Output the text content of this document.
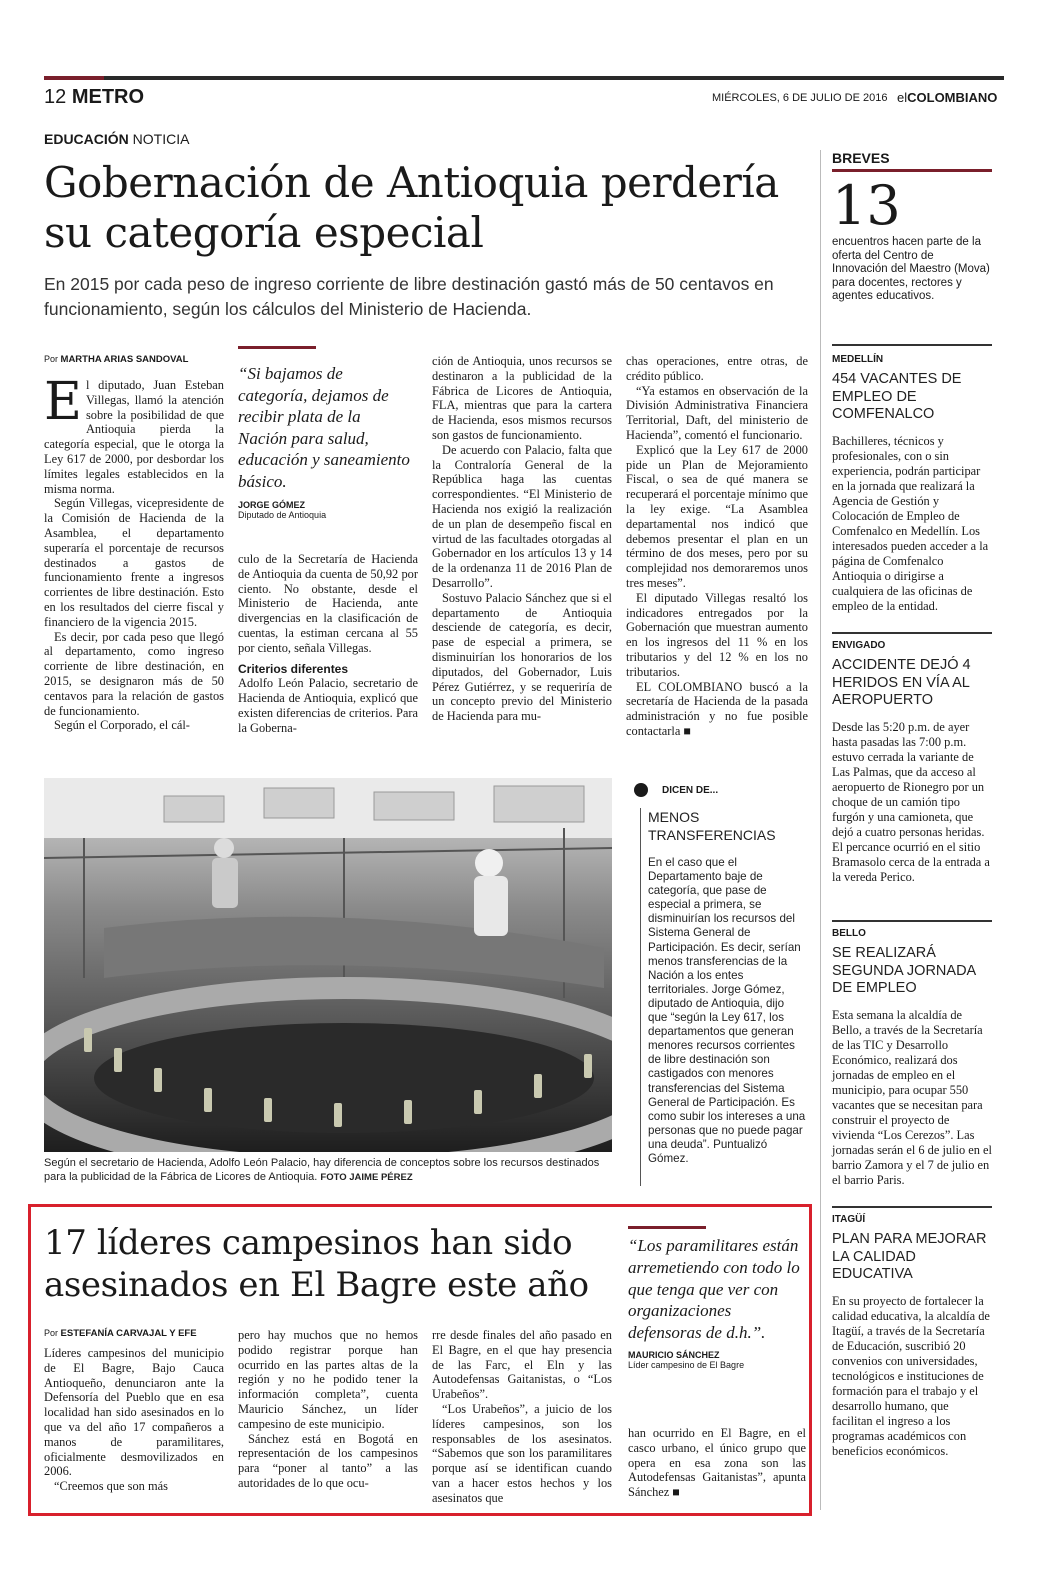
12 METRO	MIÉRCOLES, 6 DE JULIO DE 2016 elCOLOMBIANO
EDUCACIÓN NOTICIA
Gobernación de Antioquia perdería su categoría especial
En 2015 por cada peso de ingreso corriente de libre destinación gastó más de 50 centavos en funcionamiento, según los cálculos del Ministerio de Hacienda.
Por MARTHA ARIAS SANDOVAL

El diputado, Juan Esteban Villegas, llamó la atención sobre la posibilidad de que Antioquia pierda la categoría especial, que le otorga la Ley 617 de 2000, por desbordar los límites legales establecidos en la misma norma.

Según Villegas, vicepresidente de la Comisión de Hacienda de la Asamblea, el departamento superaría el porcentaje de recursos destinados a gastos de funcionamiento frente a ingresos corrientes de libre destinación. Esto en los resultados del cierre fiscal y financiero de la vigencia 2015.

Es decir, por cada peso que llegó al departamento, como ingreso corriente de libre destinación, en 2015, se designaron más de 50 centavos para la relación de gastos de funcionamiento.

Según el Corporado, el cál-

“Si bajamos de categoría, dejamos de recibir plata de la Nación para salud, educación y saneamiento básico.
JORGE GÓMEZ
Diputado de Antioquia

culo de la Secretaría de Hacienda de Antioquia da cuenta de 50,92 por ciento. No obstante, desde el Ministerio de Hacienda, ante divergencias en la clasificación de cuentas, la estiman cercana al 55 por ciento, señala Villegas.

Criterios diferentes

Adolfo León Palacio, secretario de Hacienda de Antioquia, explicó que existen diferencias de criterios. Para la Goberna-

ción de Antioquia, unos recursos se destinaron a la publicidad de la Fábrica de Licores de Antioquia, FLA, mientras que para la cartera de Hacienda, esos mismos recursos son gastos de funcionamiento.

De acuerdo con Palacio, falta que la Contraloría General de la República haga las cuentas correspondientes. “El Ministerio de Hacienda nos exigió la realización de un plan de desempeño fiscal en virtud de las facultades otorgadas al Gobernador en los artículos 13 y 14 de la ordenanza 11 de 2016 Plan de Desarrollo”.

Sostuvo Palacio Sánchez que si el departamento de Antioquia desciende de categoría, es decir, pase de especial a primera, se disminuirían los honorarios de los diputados, del Gobernador, Luis Pérez Gutiérrez, y se requeriría de un concepto previo del Ministerio de Hacienda para mu-

chas operaciones, entre otras, de crédito público.

“Ya estamos en observación de la División Administrativa Financiera Territorial, Daft, del ministerio de Hacienda”, comentó el funcionario.

Explicó que la Ley 617 de 2000 pide un Plan de Mejoramiento Fiscal, o sea de qué manera se recuperará el porcentaje mínimo que la ley exige. “La Asamblea departamental nos indicó que debemos presentar el plan en un término de dos meses, pero por su complejidad nos demoraremos unos tres meses”.

El diputado Villegas resaltó los indicadores entregados por la Gobernación que muestran aumento en los ingresos del 11 % en los tributarios y del 12 % en los no tributarios.

EL COLOMBIANO buscó a la secretaría de Hacienda de la pasada administración y no fue posible contactarla ■

Según el secretario de Hacienda, Adolfo León Palacio, hay diferencia de conceptos sobre los recursos destinados para la publicidad de la Fábrica de Licores de Antioquia. FOTO JAIME PÉREZ
DICEN DE...
MENOS TRANSFERENCIAS
En el caso que el Departamento baje de categoría, que pase de especial a primera, se disminuirían los recursos del Sistema General de Participación. Es decir, serían menos transferencias de la Nación a los entes territoriales. Jorge Gómez, diputado de Antioquia, dijo que “según la Ley 617, los departamentos que generan menores recursos corrientes de libre destinación son castigados con menores transferencias del Sistema General de Participación. Es como subir los intereses a una personas que no puede pagar una deuda”. Puntualizó Gómez.
BREVES
13
encuentros hacen parte de la oferta del Centro de Innovación del Maestro (Mova) para docentes, rectores y agentes educativos.
MEDELLÍN
454 VACANTES DE EMPLEO DE COMFENALCO
Bachilleres, técnicos y profesionales, con o sin experiencia, podrán participar en la jornada que realizará la Agencia de Gestión y Colocación de Empleo de Comfenalco en Medellín. Los interesados pueden acceder a la página de Comfenalco Antioquia o dirigirse a cualquiera de las oficinas de empleo de la entidad.
ENVIGADO
ACCIDENTE DEJÓ 4 HERIDOS EN VÍA AL AEROPUERTO
Desde las 5:20 p.m. de ayer hasta pasadas las 7:00 p.m. estuvo cerrada la variante de Las Palmas, que da acceso al aeropuerto de Rionegro por un choque de un camión tipo furgón y una camioneta, que dejó a cuatro personas heridas. El percance ocurrió en el sitio Bramasolo cerca de la entrada a la vereda Perico.
BELLO
SE REALIZARÁ SEGUNDA JORNADA DE EMPLEO
Esta semana la alcaldía de Bello, a través de la Secretaría de las TIC y Desarrollo Económico, realizará dos jornadas de empleo en el municipio, para ocupar 550 vacantes que se necesitan para construir el proyecto de vivienda “Los Cerezos”. Las jornadas serán el 6 de julio en el barrio Zamora y el 7 de julio en el barrio Paris.
ITAGÜÍ
PLAN PARA MEJORAR LA CALIDAD EDUCATIVA
En su proyecto de fortalecer la calidad educativa, la alcaldía de Itagüí, a través de la Secretaría de Educación, suscribió 20 convenios con universidades, tecnológicos e instituciones de formación para el trabajo y el desarrollo humano, que facilitan el ingreso a los programas académicos con beneficios económicos.
17 líderes campesinos han sido asesinados en El Bagre este año
“Los paramilitares están arremetiendo con todo lo que tenga que ver con organizaciones defensoras de d.h.”.
MAURICIO SÁNCHEZ
Líder campesino de El Bagre
Por ESTEFANÍA CARVAJAL Y EFE

Líderes campesinos del municipio de El Bagre, Bajo Cauca Antioqueño, denunciaron ante la Defensoría del Pueblo que en esa localidad han sido asesinados en lo que va del año 17 compañeros a manos de paramilitares, oficialmente desmovilizados en 2006.

“Creemos que son más

pero hay muchos que no hemos podido registrar porque han ocurrido en las partes altas de la región y no he podido tener la información completa”, cuenta Mauricio Sánchez, un líder campesino de este municipio.

Sánchez está en Bogotá en representación de los campesinos para “poner al tanto” a las autoridades de lo que ocu-

rre desde finales del año pasado en El Bagre, en el que hay presencia de las Farc, el Eln y las Autodefensas Gaitanistas, o “Los Urabeños”.

“Los Urabeños”, a juicio de los líderes campesinos, son los responsables de los asesinatos. “Sabemos que son los paramilitares porque así se identifican cuando van a hacer estos hechos y los asesinatos que

han ocurrido en El Bagre, en el casco urbano, el único grupo que opera en esa zona son las Autodefensas Gaitanistas”, apunta Sánchez ■
